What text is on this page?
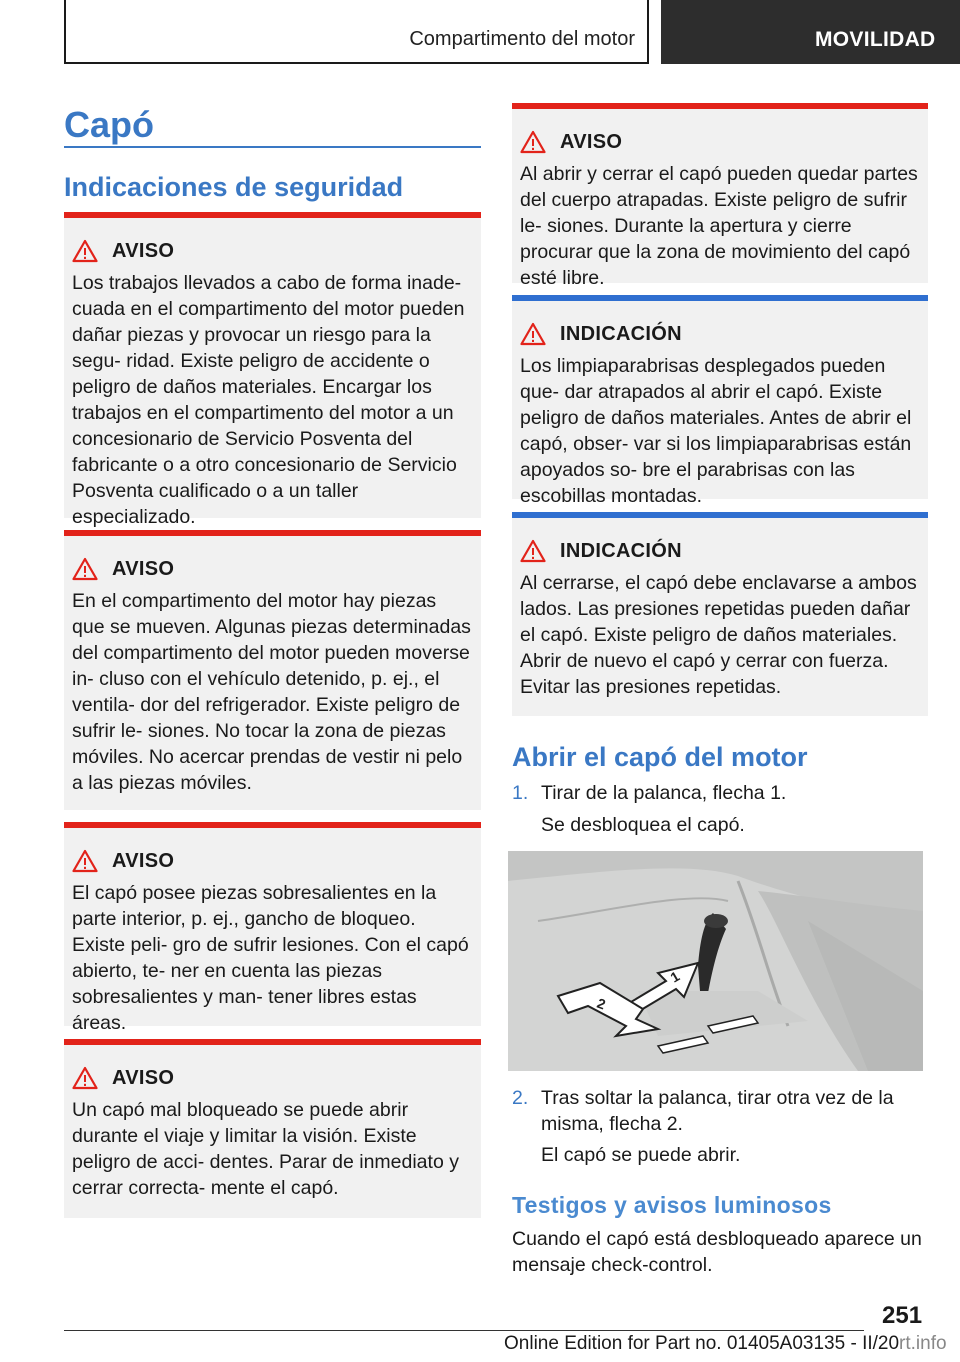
Compartimento del motor	MOVILIDAD
Capó
Indicaciones de seguridad
AVISO
Los trabajos llevados a cabo de forma inade‐ cuada en el compartimento del motor pueden dañar piezas y provocar un riesgo para la segu‐ ridad. Existe peligro de accidente o peligro de daños materiales. Encargar los trabajos en el compartimento del motor a un concesionario de Servicio Posventa del fabricante o a otro concesionario de Servicio Posventa cualificado o a un taller especializado.
AVISO
En el compartimento del motor hay piezas que se mueven. Algunas piezas determinadas del compartimento del motor pueden moverse in‐ cluso con el vehículo detenido, p. ej., el ventila‐ dor del refrigerador. Existe peligro de sufrir le‐ siones. No tocar la zona de piezas móviles. No acercar prendas de vestir ni pelo a las piezas móviles.
AVISO
El capó posee piezas sobresalientes en la parte interior, p. ej., gancho de bloqueo. Existe peli‐ gro de sufrir lesiones. Con el capó abierto, te‐ ner en cuenta las piezas sobresalientes y man‐ tener libres estas áreas.
AVISO
Un capó mal bloqueado se puede abrir durante el viaje y limitar la visión. Existe peligro de acci‐ dentes. Parar de inmediato y cerrar correcta‐ mente el capó.
AVISO
Al abrir y cerrar el capó pueden quedar partes del cuerpo atrapadas. Existe peligro de sufrir le‐ siones. Durante la apertura y cierre procurar que la zona de movimiento del capó esté libre.
INDICACIÓN
Los limpiaparabrisas desplegados pueden que‐ dar atrapados al abrir el capó. Existe peligro de daños materiales. Antes de abrir el capó, obser‐ var si los limpiaparabrisas están apoyados so‐ bre el parabrisas con las escobillas montadas.
INDICACIÓN
Al cerrarse, el capó debe enclavarse a ambos lados. Las presiones repetidas pueden dañar el capó. Existe peligro de daños materiales. Abrir de nuevo el capó y cerrar con fuerza. Evitar las presiones repetidas.
Abrir el capó del motor
1. Tirar de la palanca, flecha 1.
Se desbloquea el capó.
1
2
2. Tras soltar la palanca, tirar otra vez de la misma, flecha 2.
El capó se puede abrir.
Testigos y avisos luminosos
Cuando el capó está desbloqueado aparece un mensaje check-control.
251
Online Edition for Part no. 01405A03135 - II/20rt.info
